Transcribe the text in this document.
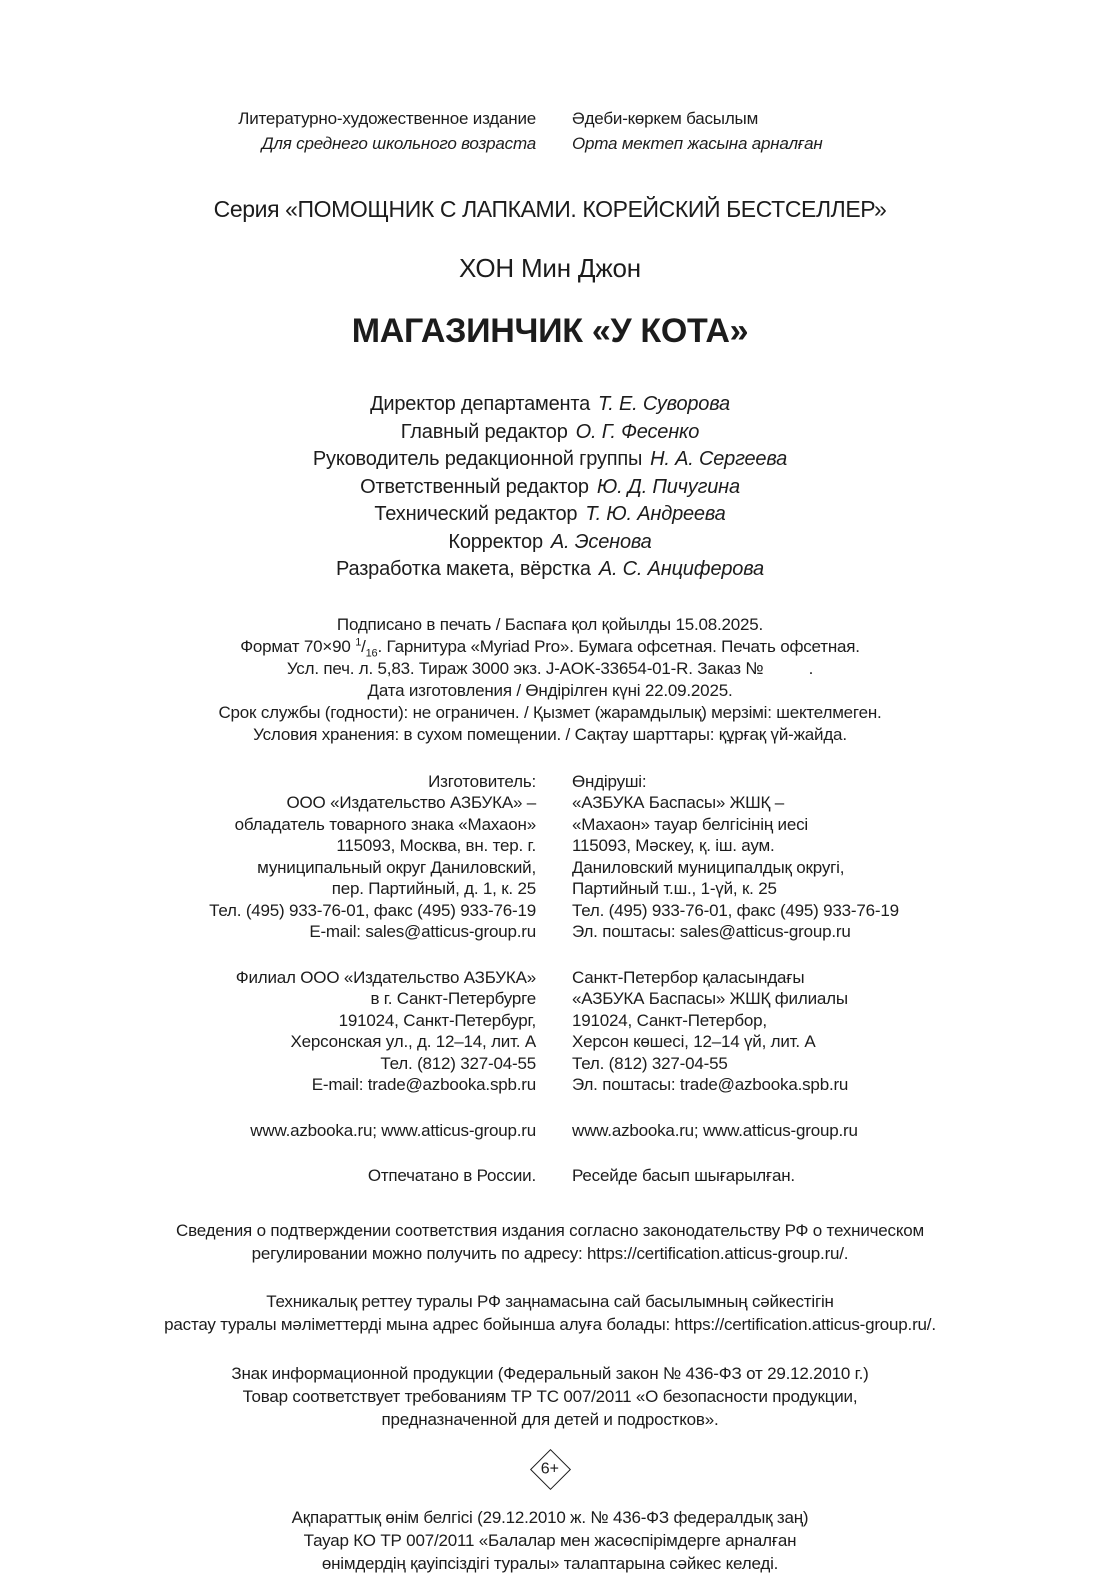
Литературно-художественное издание
Для среднего школьного возраста
Әдеби-көркем басылым
Орта мектеп жасына арналған
Серия «ПОМОЩНИК С ЛАПКАМИ. КОРЕЙСКИЙ БЕСТСЕЛЛЕР»
ХОН Мин Джон
МАГАЗИНЧИК «У КОТА»
Директор департамента Т. Е. Суворова
Главный редактор О. Г. Фесенко
Руководитель редакционной группы Н. А. Сергеева
Ответственный редактор Ю. Д. Пичугина
Технический редактор Т. Ю. Андреева
Корректор А. Эсенова
Разработка макета, вёрстка А. С. Анциферова
Подписано в печать / Баспаға қол қойылды 15.08.2025.
Формат 70×90 $^1/_{16}$. Гарнитура «Myriad Pro». Бумага офсетная. Печать офсетная.
Усл. печ. л. 5,83. Тираж 3000 экз. J-AOK-33654-01-R. Заказ №          .
Дата изготовления / Өндірілген күні 22.09.2025.
Срок службы (годности): не ограничен. / Қызмет (жарамдылық) мерзімі: шектелмеген.
Условия хранения: в сухом помещении. / Сақтау шарттары: құрғақ үй-жайда.
Изготовитель:
ООО «Издательство АЗБУКА» –
обладатель товарного знака «Махаон»
115093, Москва, вн. тер. г.
муниципальный округ Даниловский,
пер. Партийный, д. 1, к. 25
Тел. (495) 933-76-01, факс (495) 933-76-19
E-mail: sales@atticus-group.ru
Филиал ООО «Издательство АЗБУКА»
в г. Санкт-Петербурге
191024, Санкт-Петербург,
Херсонская ул., д. 12–14, лит. А
Тел. (812) 327-04-55
E-mail: trade@azbooka.spb.ru
www.azbooka.ru; www.atticus-group.ru
Отпечатано в России.
Өндіруші:
«АЗБУКА Баспасы» ЖШҚ –
«Махаон» тауар белгісінің иесі
115093, Мәскеу, қ. іш. аум.
Даниловский муниципалдық округі,
Партийный т.ш., 1-үй, к. 25
Тел. (495) 933-76-01, факс (495) 933-76-19
Эл. поштасы: sales@atticus-group.ru
Санкт-Петербор қаласындағы
«АЗБУКА Баспасы» ЖШҚ филиалы
191024, Санкт-Петербор,
Херсон көшесі, 12–14 үй, лит. А
Тел. (812) 327-04-55
Эл. поштасы: trade@azbooka.spb.ru
www.azbooka.ru; www.atticus-group.ru
Ресейде басып шығарылған.
Сведения о подтверждении соответствия издания согласно законодательству РФ о техническом
регулировании можно получить по адресу: https://certification.atticus-group.ru/.
Техникалық реттеу туралы РФ заңнамасына сай басылымның сәйкестігін
растау туралы мәліметтерді мына адрес бойынша алуға болады: https://certification.atticus-group.ru/.
Знак информационной продукции (Федеральный закон № 436-ФЗ от 29.12.2010 г.)
Товар соответствует требованиям ТР ТС 007/2011 «О безопасности продукции,
предназначенной для детей и подростков».
6+
Ақпараттық өнім белгісі (29.12.2010 ж. № 436-ФЗ федералдық заң)
Тауар КО ТР 007/2011 «Балалар мен жасөспірімдерге арналған
өнімдердің қауіпсіздігі туралы» талаптарына сәйкес келеді.
